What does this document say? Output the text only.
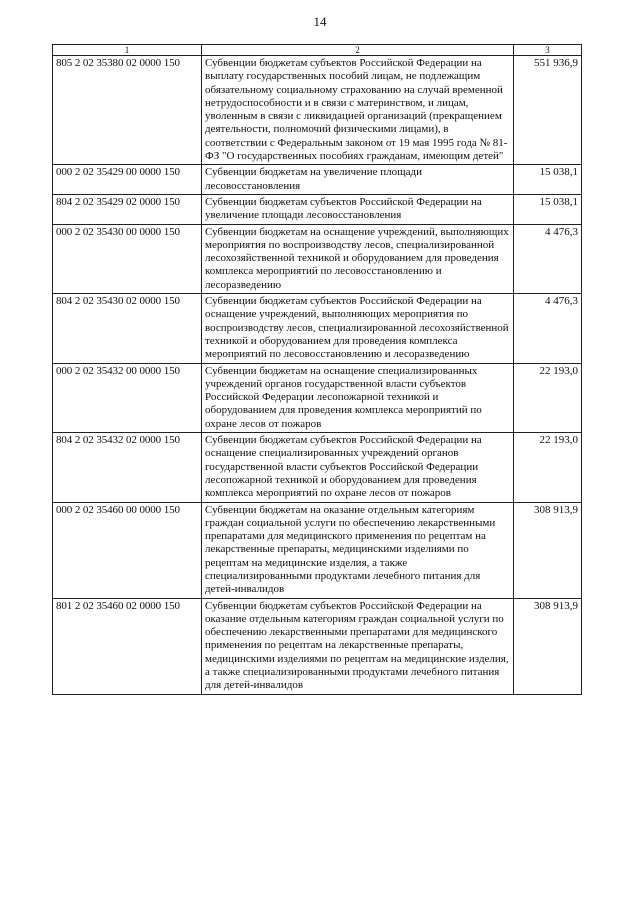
14
1	2	3
805 2 02 35380 02 0000 150	Субвенции бюджетам субъектов Российской Федерации на выплату государственных пособий лицам, не подлежащим обязательному социальному страхованию на случай временной нетрудоспособности и в связи с материнством, и лицам, уволенным в связи с ликвидацией организаций (прекращением деятельности, полномочий физическими лицами), в соответствии с Федеральным законом от 19 мая 1995 года № 81-ФЗ "О государственных пособиях гражданам, имеющим детей"	551 936,9
000 2 02 35429 00 0000 150	Субвенции бюджетам на увеличение площади лесовосстановления	15 038,1
804 2 02 35429 02 0000 150	Субвенции бюджетам субъектов Российской Федерации на увеличение площади лесовосстановления	15 038,1
000 2 02 35430 00 0000 150	Субвенции бюджетам на оснащение учреждений, выполняющих мероприятия по воспроизводству лесов, специализированной лесохозяйственной техникой и оборудованием для проведения комплекса мероприятий по лесовосстановлению и лесоразведению	4 476,3
804 2 02 35430 02 0000 150	Субвенции бюджетам субъектов Российской Федерации на оснащение учреждений, выполняющих мероприятия по воспроизводству лесов, специализированной лесохозяйственной техникой и оборудованием для проведения комплекса мероприятий по лесовосстановлению и лесоразведению	4 476,3
000 2 02 35432 00 0000 150	Субвенции бюджетам на оснащение специализированных учреждений органов государственной власти субъектов Российской Федерации лесопожарной техникой и оборудованием для проведения комплекса мероприятий по охране лесов от пожаров	22 193,0
804 2 02 35432 02 0000 150	Субвенции бюджетам субъектов Российской Федерации на оснащение специализированных учреждений органов государственной власти субъектов Российской Федерации лесопожарной техникой и оборудованием для проведения комплекса мероприятий по охране лесов от пожаров	22 193,0
000 2 02 35460 00 0000 150	Субвенции бюджетам на оказание отдельным категориям граждан социальной услуги по обеспечению лекарственными препаратами для медицинского применения по рецептам на лекарственные препараты, медицинскими изделиями по рецептам на медицинские изделия, а также специализированными продуктами лечебного питания для детей-инвалидов	308 913,9
801 2 02 35460 02 0000 150	Субвенции бюджетам субъектов Российской Федерации на оказание отдельным категориям граждан социальной услуги по обеспечению лекарственными препаратами для медицинского применения по рецептам на лекарственные препараты, медицинскими изделиями по рецептам на медицинские изделия, а также специализированными продуктами лечебного питания для детей-инвалидов	308 913,9
